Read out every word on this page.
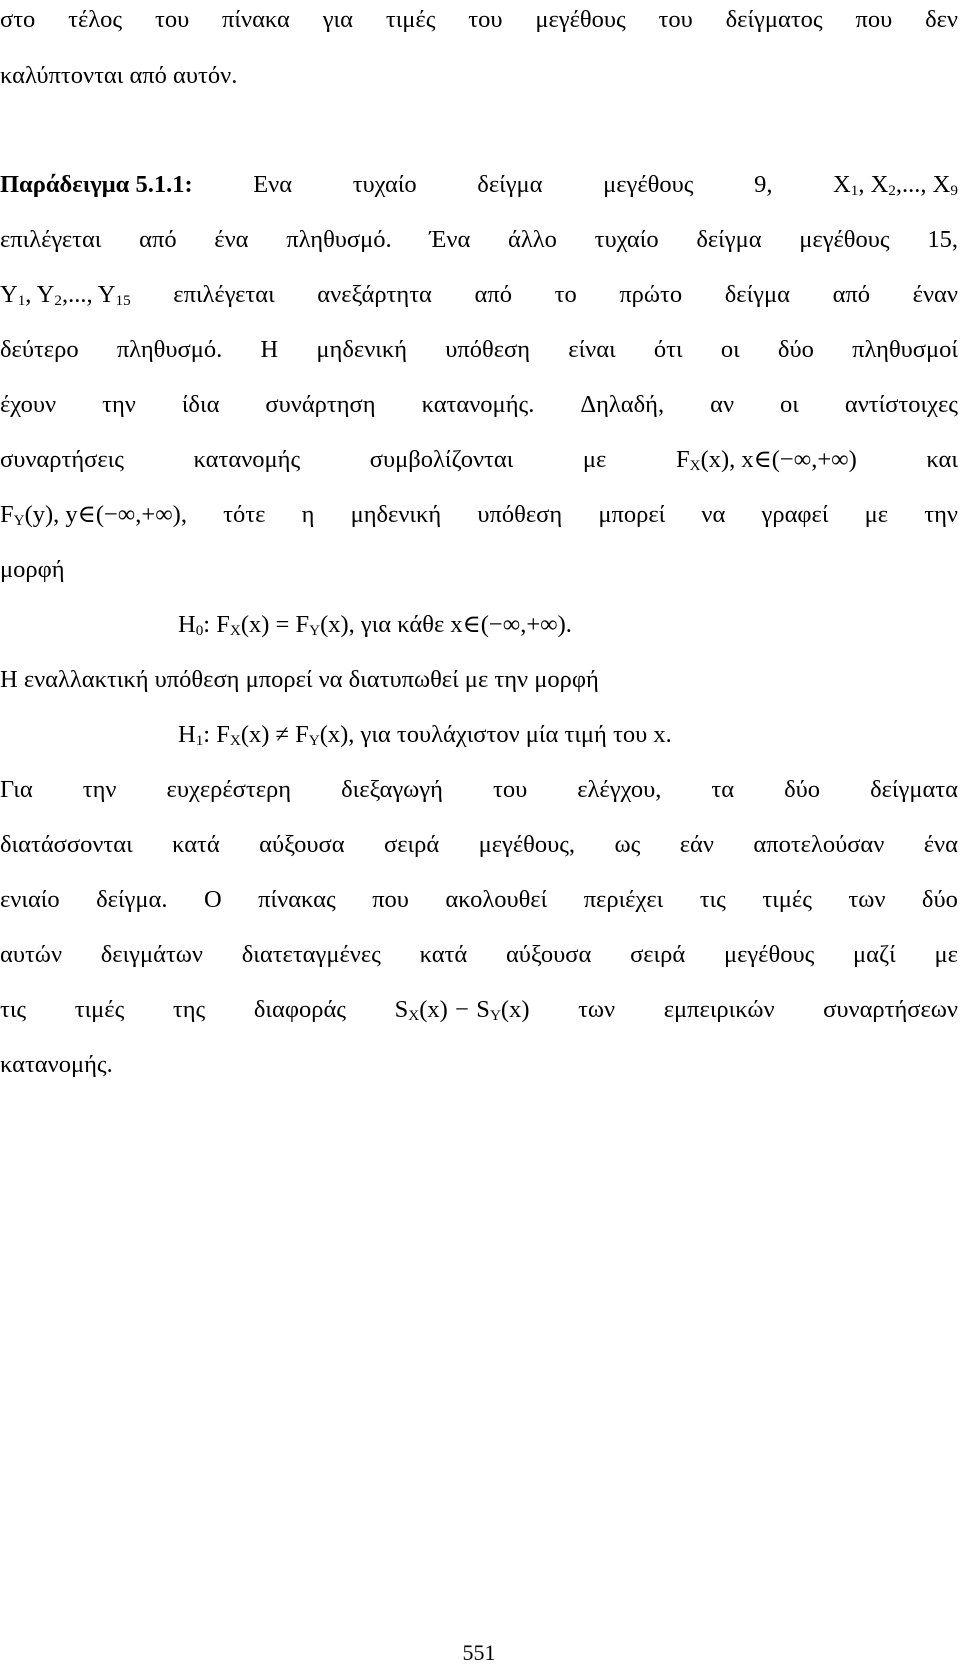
στο τέλος του πίνακα για τιμές του μεγέθους του δείγματος που δεν
καλύπτονται από αυτόν.
Παράδειγμα 5.1.1: Ενα τυχαίο δείγμα μεγέθους 9, $X_1$, $X_2$,..., $X_9$
επιλέγεται από ένα πληθυσμό. Ένα άλλο τυχαίο δείγμα μεγέθους 15,
$Y_1$, $Y_2$,..., $Y_{15}$ επιλέγεται ανεξάρτητα από το πρώτο δείγμα από έναν
δεύτερο πληθυσμό. Η μηδενική υπόθεση είναι ότι οι δύο πληθυσμοί
έχουν την ίδια συνάρτηση κατανομής. Δηλαδή, αν οι αντίστοιχες
συναρτήσεις	κατανομής	συμβολίζονται	με	$F_X(x)$, x∈(−∞,+∞)	και
$F_Y(y)$, y∈(−∞,+∞), τότε η μηδενική υπόθεση μπορεί να γραφεί με την
μορφή
$H_0$: $F_X(x) = F_Y(x)$, για κάθε x∈(−∞,+∞).
Η εναλλακτική υπόθεση μπορεί να διατυπωθεί με την μορφή
$H_1$: $F_X(x) \ne F_Y(x)$, για τουλάχιστον μία τιμή του x.
Για την ευχερέστερη διεξαγωγή του ελέγχου, τα δύο δείγματα
διατάσσονται κατά αύξουσα σειρά μεγέθους, ως εάν αποτελούσαν ένα
ενιαίο δείγμα. Ο πίνακας που ακολουθεί περιέχει τις τιμές των δύο
αυτών δειγμάτων διατεταγμένες κατά αύξουσα σειρά μεγέθους μαζί με
τις τιμές της διαφοράς $S_X(x) - S_Y(x)$ των εμπειρικών συναρτήσεων
κατανομής.
551
